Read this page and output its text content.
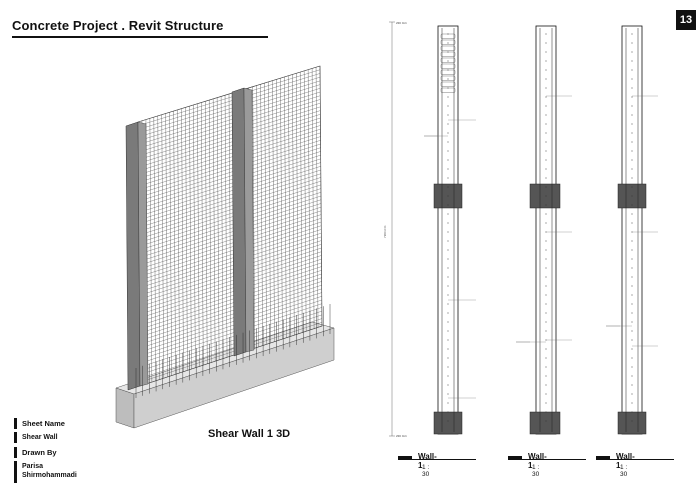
Concrete Project . Revit Structure	13
200 mm
200 mm
7160 mm
Shear Wall 1 3D
Wall-1 1 : 30
Wall-1 1 : 30
Wall-1 1 : 30
Sheet Name
Shear Wall
Drawn By
Parisa Shirmohammadi
